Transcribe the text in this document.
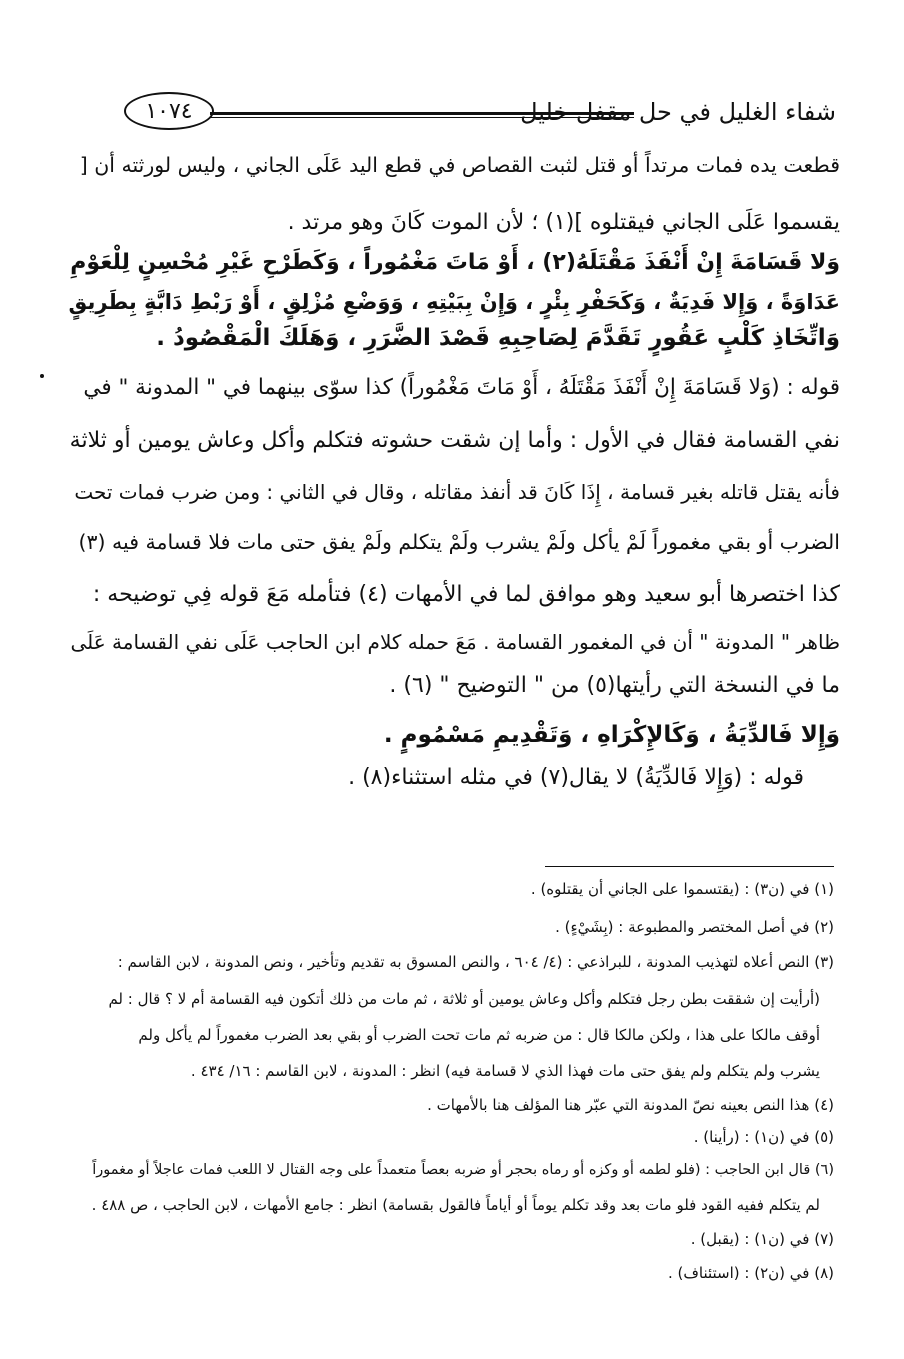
١٠٧٤	شفاء الغليل في حل مقفل خليل
قطعت يده فمات مرتداً أو قتل لثبت القصاص في قطع اليد عَلَى الجاني ، وليس لورثته أن [
يقسموا عَلَى الجاني فيقتلوه ](١) ؛ لأن الموت كَانَ وهو مرتد .
وَلا قَسَامَةَ إِنْ أَنْفَذَ مَقْتَلَهُ(٢) ، أَوْ مَاتَ مَغْمُوراً ، وَكَطَرْحِ غَيْرِ مُحْسِنٍ لِلْعَوْمِ
عَدَاوَةً ، وَإِلا فَدِيَةٌ ، وَكَحَفْرِ بِئْرٍ ، وَإِنْ بِبَيْتِهِ ، وَوَضْعِ مُزْلِقٍ ، أَوْ رَبْطِ دَابَّةٍ بِطَرِيقٍ
وَاتِّخَاذِ كَلْبٍ عَقُورٍ تَقَدَّمَ لِصَاحِبِهِ قَصْدَ الضَّرَرِ ، وَهَلَكَ الْمَقْصُودُ .
قوله : (وَلا قَسَامَةَ إِنْ أَنْفَذَ مَقْتَلَهُ ، أَوْ مَاتَ مَغْمُوراً) كذا سوّى بينهما في " المدونة " في
نفي القسامة فقال في الأول : وأما إن شقت حشوته فتكلم وأكل وعاش يومين أو ثلاثة
فأنه يقتل قاتله بغير قسامة ، إِذَا كَانَ قد أنفذ مقاتله ، وقال في الثاني : ومن ضرب فمات تحت
الضرب أو بقي مغموراً لَمْ يأكل ولَمْ يشرب ولَمْ يتكلم ولَمْ يفق حتى مات فلا قسامة فيه (٣)
كذا اختصرها أبو سعيد وهو موافق لما في الأمهات (٤) فتأمله مَعَ قوله فِي توضيحه :
ظاهر " المدونة " أن في المغمور القسامة . مَعَ حمله كلام ابن الحاجب عَلَى نفي القسامة عَلَى
ما في النسخة التي رأيتها(٥) من " التوضيح " (٦) .
وَإِلا فَالدِّيَةُ ، وَكَالإِكْرَاهِ ، وَتَقْدِيمِ مَسْمُومٍ .
قوله : (وَإِلا فَالدِّيَةُ) لا يقال(٧) في مثله استثناء(٨) .
(١) في (ن٣) : (يقتسموا على الجاني أن يقتلوه) .
(٢) في أصل المختصر والمطبوعة : (بِشَيْءٍ) .
(٣) النص أعلاه لتهذيب المدونة ، للبراذعي : (٤/ ٦٠٤ ، والنص المسوق به تقديم وتأخير ، ونص المدونة ، لابن القاسم :
(أرأيت إن شققت بطن رجل فتكلم وأكل وعاش يومين أو ثلاثة ، ثم مات من ذلك أتكون فيه القسامة أم لا ؟ قال : لم
أوقف مالكا على هذا ، ولكن مالكا قال : من ضربه ثم مات تحت الضرب أو بقي بعد الضرب مغموراً لم يأكل ولم
يشرب ولم يتكلم ولم يفق حتى مات فهذا الذي لا قسامة فيه) انظر : المدونة ، لابن القاسم : ١٦/ ٤٣٤ .
(٤) هذا النص بعينه نصّ المدونة التي عبّر هنا المؤلف هنا بالأمهات .
(٥) في (ن١) : (رأينا) .
(٦) قال ابن الحاجب : (فلو لطمه أو وكزه أو رماه بحجر أو ضربه بعصاً متعمداً على وجه القتال لا اللعب فمات عاجلاً أو مغموراً
لم يتكلم ففيه القود فلو مات بعد وقد تكلم يوماً أو أياماً فالقول بقسامة) انظر : جامع الأمهات ، لابن الحاجب ، ص ٤٨٨ .
(٧) في (ن١) : (يقبل) .
(٨) في (ن٢) : (استئناف) .
